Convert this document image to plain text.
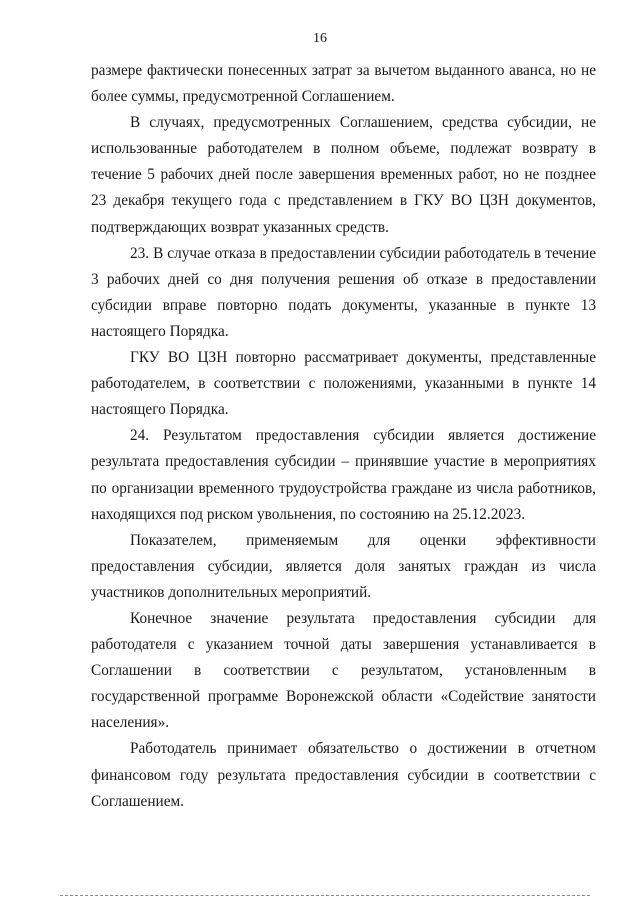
16

размере фактически понесенных затрат за вычетом выданного аванса, но не более суммы, предусмотренной Соглашением.

В случаях, предусмотренных Соглашением, средства субсидии, не использованные работодателем в полном объеме, подлежат возврату в течение 5 рабочих дней после завершения временных работ, но не позднее 23 декабря текущего года с представлением в ГКУ ВО ЦЗН документов, подтверждающих возврат указанных средств.

23. В случае отказа в предоставлении субсидии работодатель в течение 3 рабочих дней со дня получения решения об отказе в предоставлении субсидии вправе повторно подать документы, указанные в пункте 13 настоящего Порядка.

ГКУ ВО ЦЗН повторно рассматривает документы, представленные работодателем, в соответствии с положениями, указанными в пункте 14 настоящего Порядка.

24. Результатом предоставления субсидии является достижение результата предоставления субсидии – принявшие участие в мероприятиях по организации временного трудоустройства граждане из числа работников, находящихся под риском увольнения, по состоянию на 25.12.2023.

Показателем, применяемым для оценки эффективности предоставления субсидии, является доля занятых граждан из числа участников дополнительных мероприятий.

Конечное значение результата предоставления субсидии для работодателя с указанием точной даты завершения устанавливается в Соглашении в соответствии с результатом, установленным в государственной программе Воронежской области «Содействие занятости населения».

Работодатель принимает обязательство о достижении в отчетном финансовом году результата предоставления субсидии в соответствии с Соглашением.
